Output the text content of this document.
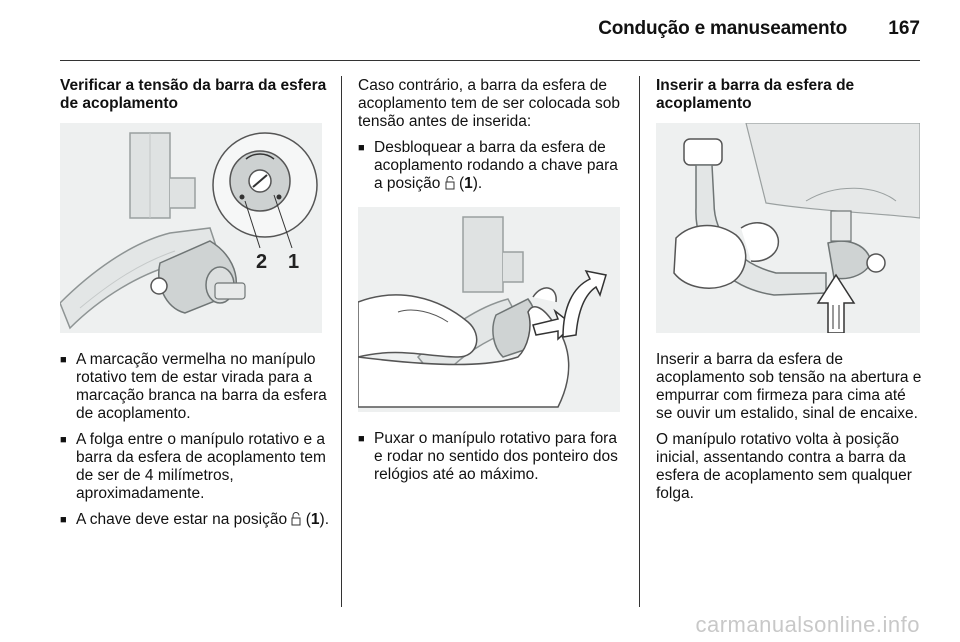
Condução e manuseamento	167

Verificar a tensão da barra da esfera de acoplamento

2 1
■ A marcação vermelha no manípulo rotativo tem de estar virada para a marcação branca na barra da esfera de acoplamento.
■ A folga entre o manípulo rotativo e a barra da esfera de acoplamento tem de ser de 4 milímetros, aproximadamente.
■ A chave deve estar na posição  (1).

Caso contrário, a barra da esfera de acoplamento tem de ser colocada sob tensão antes de inserida:

■ Desbloquear a barra da esfera de acoplamento rodando a chave para a posição  (1).
■ Puxar o manípulo rotativo para fora e rodar no sentido dos ponteiro dos relógios até ao máximo.

Inserir a barra da esfera de acoplamento

Inserir a barra da esfera de acoplamento sob tensão na abertura e empurrar com firmeza para cima até se ouvir um estalido, sinal de encaixe.

O manípulo rotativo volta à posição inicial, assentando contra a barra da esfera de acoplamento sem qualquer folga.

carmanualsonline.info
